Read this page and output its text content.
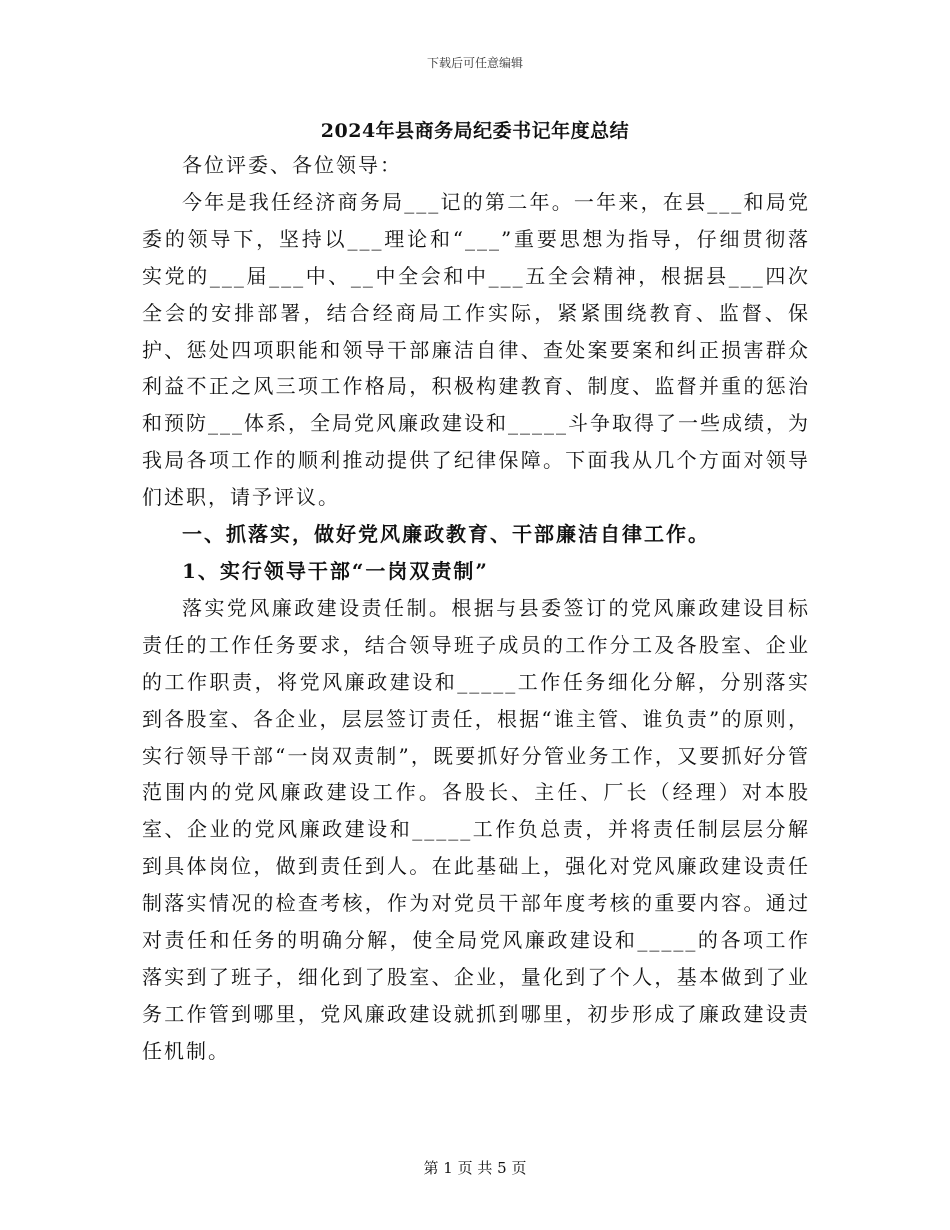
下载后可任意编辑
2024年县商务局纪委书记年度总结

各位评委、各位领导：

今年是我任经济商务局___记的第二年。一年来，在县___和局党委的领导下，坚持以___理论和“___”重要思想为指导，仔细贯彻落实党的___届___中、__中全会和中___五全会精神，根据县___四次全会的安排部署，结合经商局工作实际，紧紧围绕教育、监督、保护、惩处四项职能和领导干部廉洁自律、查处案要案和纠正损害群众利益不正之风三项工作格局，积极构建教育、制度、监督并重的惩治和预防___体系，全局党风廉政建设和_____斗争取得了一些成绩，为我局各项工作的顺利推动提供了纪律保障。下面我从几个方面对领导们述职，请予评议。

一、抓落实，做好党风廉政教育、干部廉洁自律工作。

1、实行领导干部“一岗双责制”

落实党风廉政建设责任制。根据与县委签订的党风廉政建设目标责任的工作任务要求，结合领导班子成员的工作分工及各股室、企业的工作职责，将党风廉政建设和_____工作任务细化分解，分别落实到各股室、各企业，层层签订责任，根据“谁主管、谁负责”的原则，实行领导干部“一岗双责制”，既要抓好分管业务工作，又要抓好分管范围内的党风廉政建设工作。各股长、主任、厂长（经理）对本股室、企业的党风廉政建设和_____工作负总责，并将责任制层层分解到具体岗位，做到责任到人。在此基础上，强化对党风廉政建设责任制落实情况的检查考核，作为对党员干部年度考核的重要内容。通过对责任和任务的明确分解，使全局党风廉政建设和_____的各项工作落实到了班子，细化到了股室、企业，量化到了个人，基本做到了业务工作管到哪里，党风廉政建设就抓到哪里，初步形成了廉政建设责任机制。

第 1 页 共 5 页
